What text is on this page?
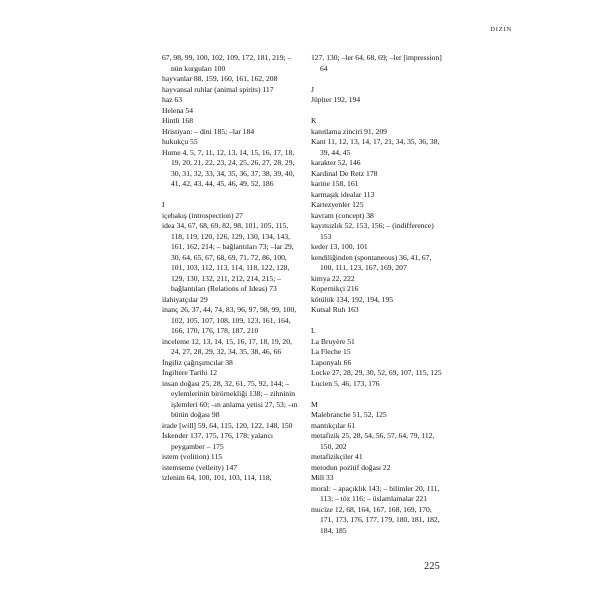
DIZIN
67, 98, 99, 100, 102, 109, 172, 181, 219; –nün kurguları 100
hayvanlar 88, 159, 160, 161, 162, 208
hayvansal ruhlar (animal spirits) 117
haz 63
Helena 54
Hintli 168
Hristiyan: – dini 185; –lar 184
hukukçu 55
Hume 4, 5, 7, 11, 12, 13, 14, 15, 16, 17, 18, 19, 20, 21, 22, 23, 24, 25, 26, 27, 28, 29, 30, 31, 32, 33, 34, 35, 36, 37, 38, 39, 40, 41, 42, 43, 44, 45, 46, 49, 52, 186
I
içebakış (introspection) 27
idea 34, 67, 68, 69, 82, 98, 101, 105, 115, 118, 119, 120, 126, 129, 130, 134, 143, 161, 162, 214; – bağlantıları 73; –lar 29, 30, 64, 65, 67, 68, 69, 71, 72, 86, 100, 101, 103, 112, 113, 114, 118, 122, 128, 129, 130, 132, 211, 212, 214, 215; – bağlantıları (Relations of Ideas) 73
ilahiyatçılar 29
inanç 26, 37, 44, 74, 83, 96, 97, 98, 99, 100, 102, 105, 107, 108, 109, 123, 161, 164, 166, 170, 176, 178, 187, 210
inceleme 12, 13, 14, 15, 16, 17, 18, 19, 20, 24, 27, 28, 29, 32, 34, 35, 38, 46, 66
İngiliz çağrışımcılar 38
İngiltere Tarihi 12
insan doğası 25, 28, 32, 61, 75, 92, 144; – eylemlerinin birörnekliği 138; – zihninin işlemleri 60; –ın anlama yetisi 27, 53; –ın bütün doğası 98
irade [will] 59, 64, 115, 120, 122, 148, 150
İskender 137, 175, 176, 178; yalancı peygamber – 175
istem (volition) 115
istemseme (velleity) 147
izlenim 64, 100, 101, 103, 114, 118,
127, 130; –ler 64, 68, 69; –ler [impression] 64
J
Jüpiter 192, 194
K
kanıtlama zinciri 91, 209
Kant 11, 12, 13, 14, 17, 21, 34, 35, 36, 38, 39, 44, 45
karakter 52, 146
Kardinal De Retz 178
karine 158, 161
karmaşık idealar 113
Kartezyenler 125
kavram (concept) 38
kayıtsızlık 52, 153, 156; – (indifference) 153
keder 13, 100, 101
kendiliğinden (spontaneous) 36, 41, 67, 100, 111, 123, 167, 169, 207
kimya 22, 222
Kopernikçi 216
kötülük 134, 192, 194, 195
Kutsal Ruh 163
L
La Bruyère 51
La Fleche 15
Laponyalı 66
Locke 27, 28, 29, 30, 52, 69, 107, 115, 125
Lucien 5, 46, 173, 176
M
Malebranche 51, 52, 125
mantıkçılar 61
metafizik 25, 28, 54, 56, 57, 64, 79, 112, 150, 202
metafizikçiler 41
metodun pozitif doğası 22
Mill 33
moral: – apaçıklık 143; – bilimler 20, 111, 113; – töz 116; – üslamlamalar 221
mucize 12, 68, 164, 167, 168, 169, 170, 171, 173, 176, 177, 179, 180, 181, 182, 184, 185
225
